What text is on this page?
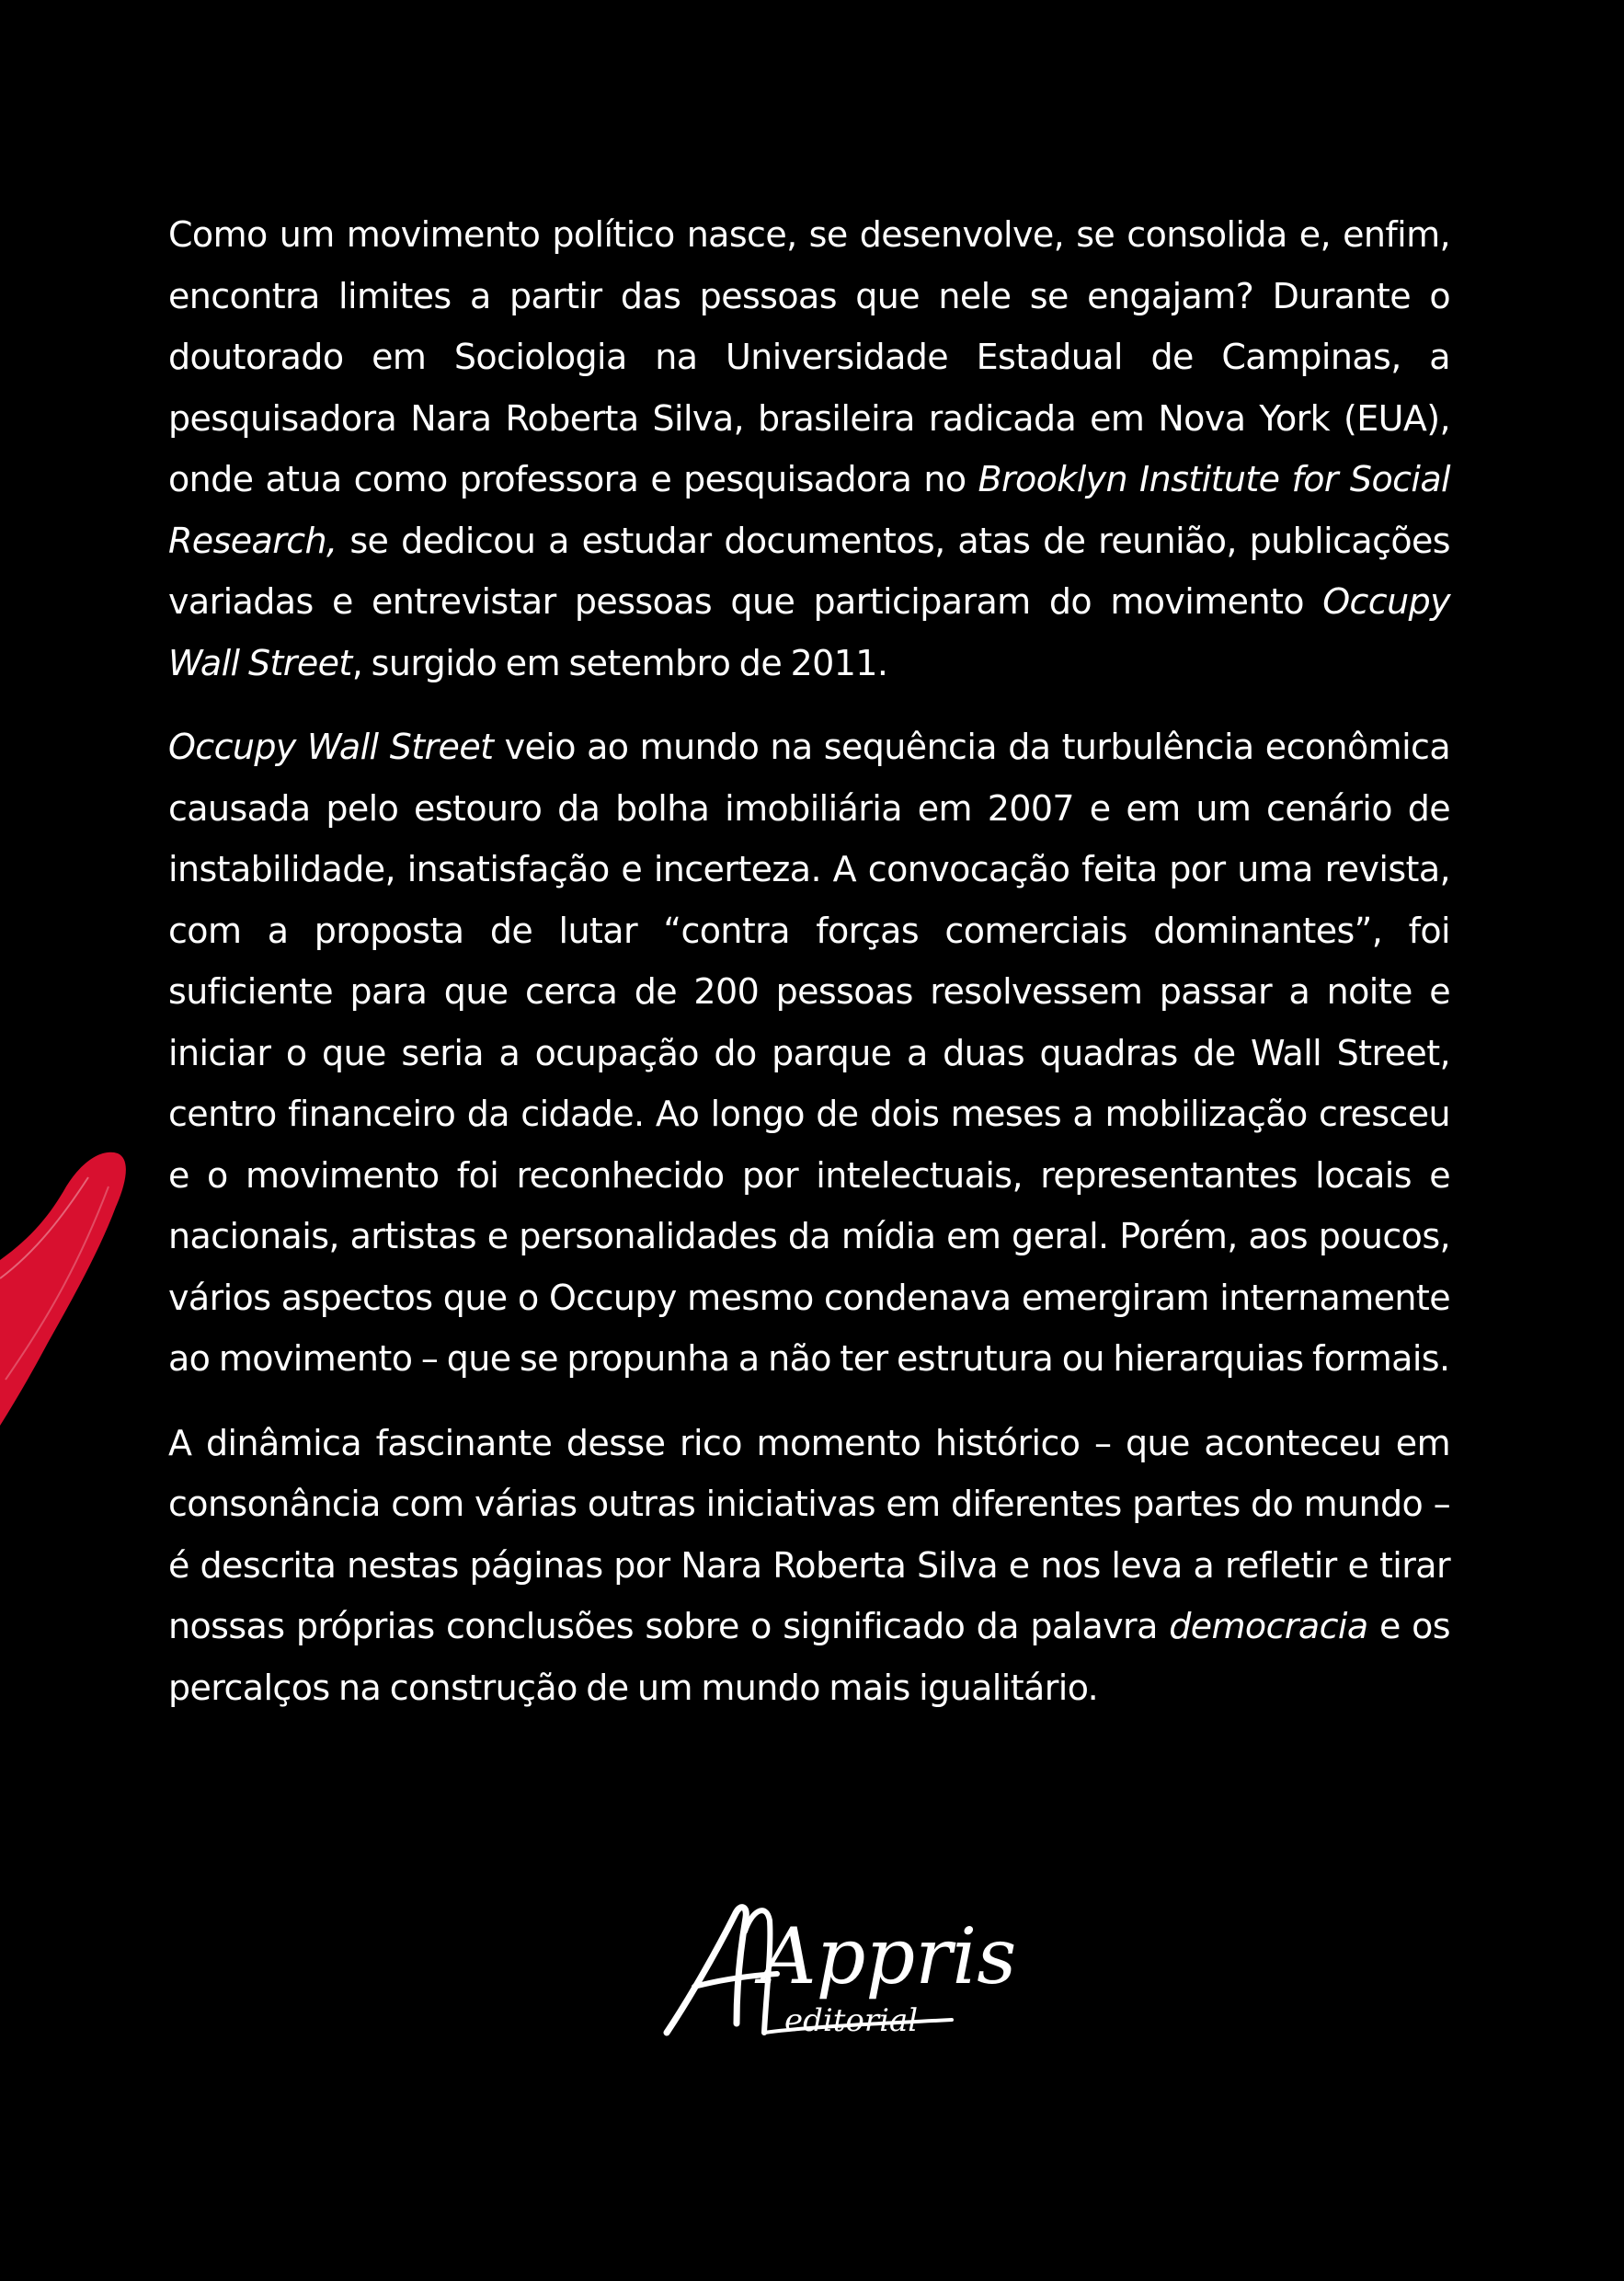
Como um movimento político nasce, se desenvolve, se consolida e, enfim, encontra limites a partir das pessoas que nele se engajam? Durante o doutorado em Sociologia na Universidade Estadual de Campinas, a pesquisadora Nara Roberta Silva, brasileira radicada em Nova York (EUA), onde atua como professora e pesquisadora no Brooklyn Institute for Social Research, se dedicou a estudar documentos, atas de reunião, publicações variadas e entrevistar pessoas que participaram do movimento Occupy Wall Street, surgido em setembro de 2011.

Occupy Wall Street veio ao mundo na sequência da turbulência econômica causada pelo estouro da bolha imobiliária em 2007 e em um cenário de instabilidade, insatisfação e incerteza. A convocação feita por uma revista, com a proposta de lutar “contra forças comerciais dominantes”, foi suficiente para que cerca de 200 pessoas resolvessem passar a noite e iniciar o que seria a ocupação do parque a duas quadras de Wall Street, centro financeiro da cidade. Ao longo de dois meses a mobilização cresceu e o movimento foi reconhecido por intelectuais, representantes locais e nacionais, artistas e personalidades da mídia em geral. Porém, aos poucos, vários aspectos que o Occupy mesmo condenava emergiram internamente ao movimento – que se propunha a não ter estrutura ou hierarquias formais.

A dinâmica fascinante desse rico momento histórico – que aconteceu em consonância com várias outras iniciativas em diferentes partes do mundo – é descrita nestas páginas por Nara Roberta Silva e nos leva a refletir e tirar nossas próprias conclusões sobre o significado da palavra democracia e os percalços na construção de um mundo mais igualitário.

Appris
editorial
